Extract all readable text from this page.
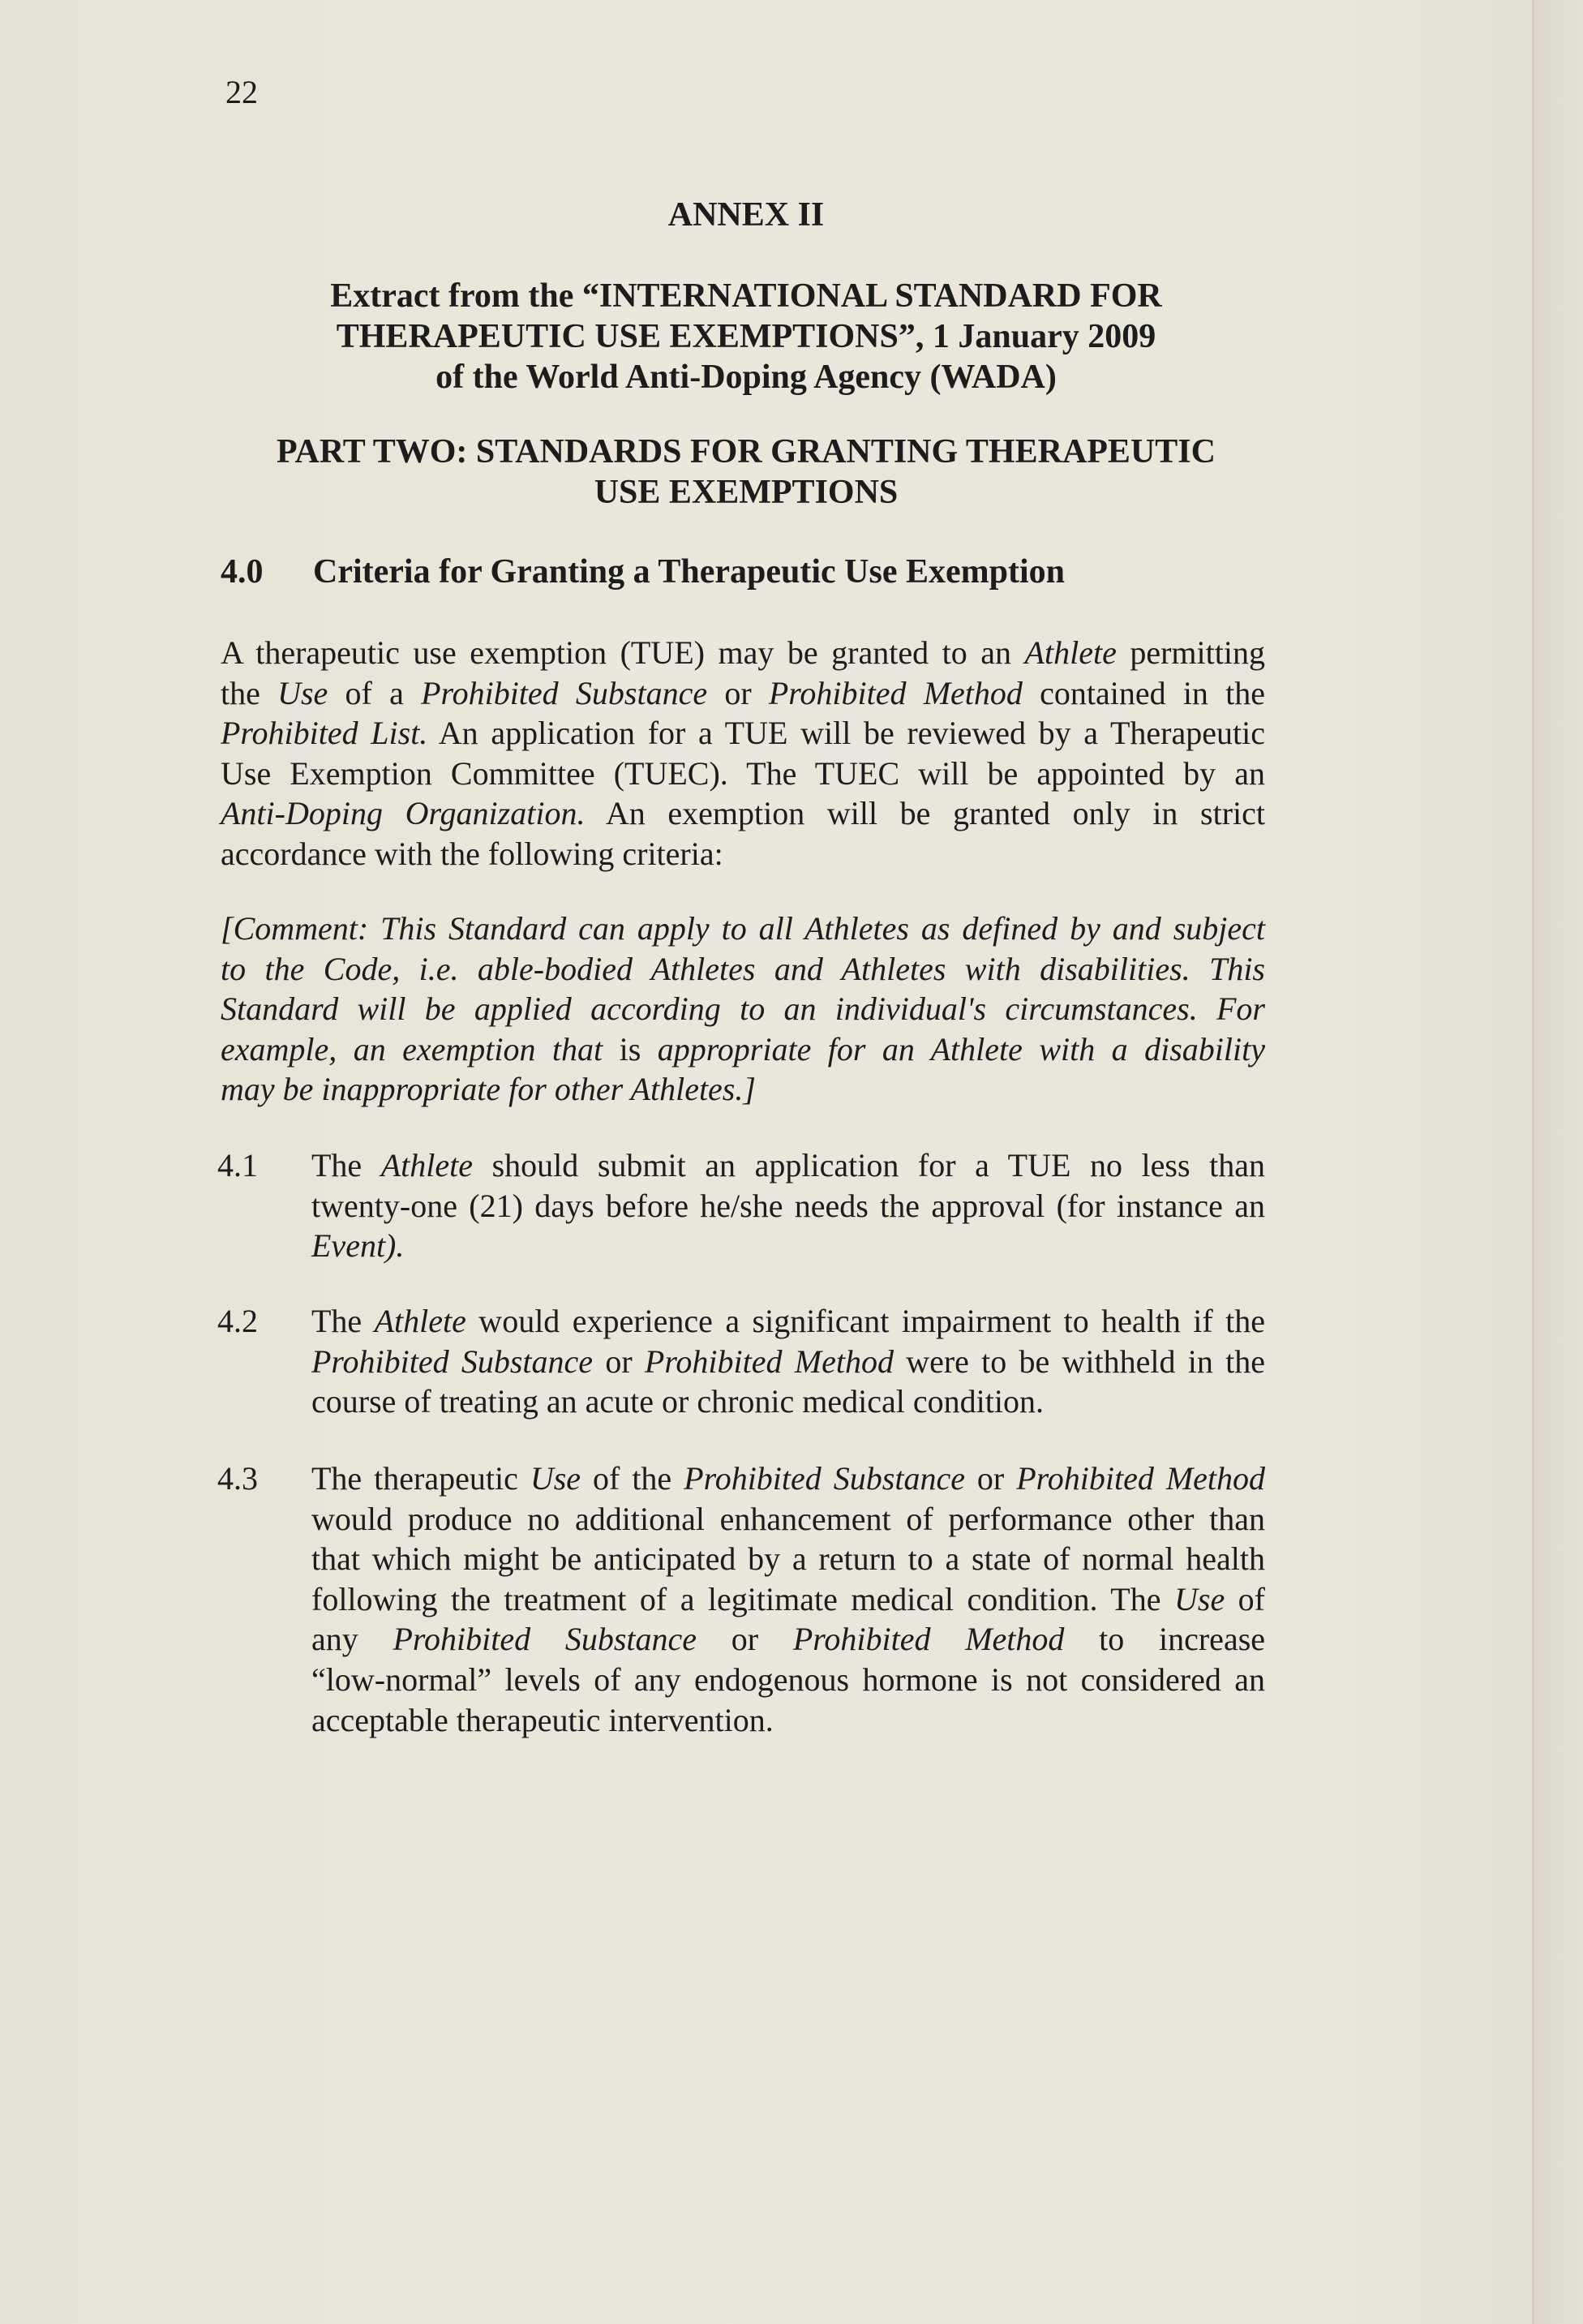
22
ANNEX II
Extract from the “INTERNATIONAL STANDARD FOR
THERAPEUTIC USE EXEMPTIONS”, 1 January 2009
of the World Anti-Doping Agency (WADA)
PART TWO: STANDARDS FOR GRANTING THERAPEUTIC
USE EXEMPTIONS
4.0 Criteria for Granting a Therapeutic Use Exemption
A therapeutic use exemption (TUE) may be granted to an Athlete permitting
the Use of a Prohibited Substance or Prohibited Method contained in the
Prohibited List. An application for a TUE will be reviewed by a Therapeutic
Use Exemption Committee (TUEC). The TUEC will be appointed by an
Anti-Doping Organization. An exemption will be granted only in strict
accordance with the following criteria:
[Comment: This Standard can apply to all Athletes as defined by and subject
to the Code, i.e. able-bodied Athletes and Athletes with disabilities. This
Standard will be applied according to an individual's circumstances. For
example, an exemption that is appropriate for an Athlete with a disability
may be inappropriate for other Athletes.]
4.1 The Athlete should submit an application for a TUE no less than
twenty-one (21) days before he/she needs the approval (for instance an
Event).
4.2 The Athlete would experience a significant impairment to health if the
Prohibited Substance or Prohibited Method were to be withheld in the
course of treating an acute or chronic medical condition.
4.3 The therapeutic Use of the Prohibited Substance or Prohibited Method
would produce no additional enhancement of performance other than
that which might be anticipated by a return to a state of normal health
following the treatment of a legitimate medical condition. The Use of
any Prohibited Substance or Prohibited Method to increase
“low-normal” levels of any endogenous hormone is not considered an
acceptable therapeutic intervention.
